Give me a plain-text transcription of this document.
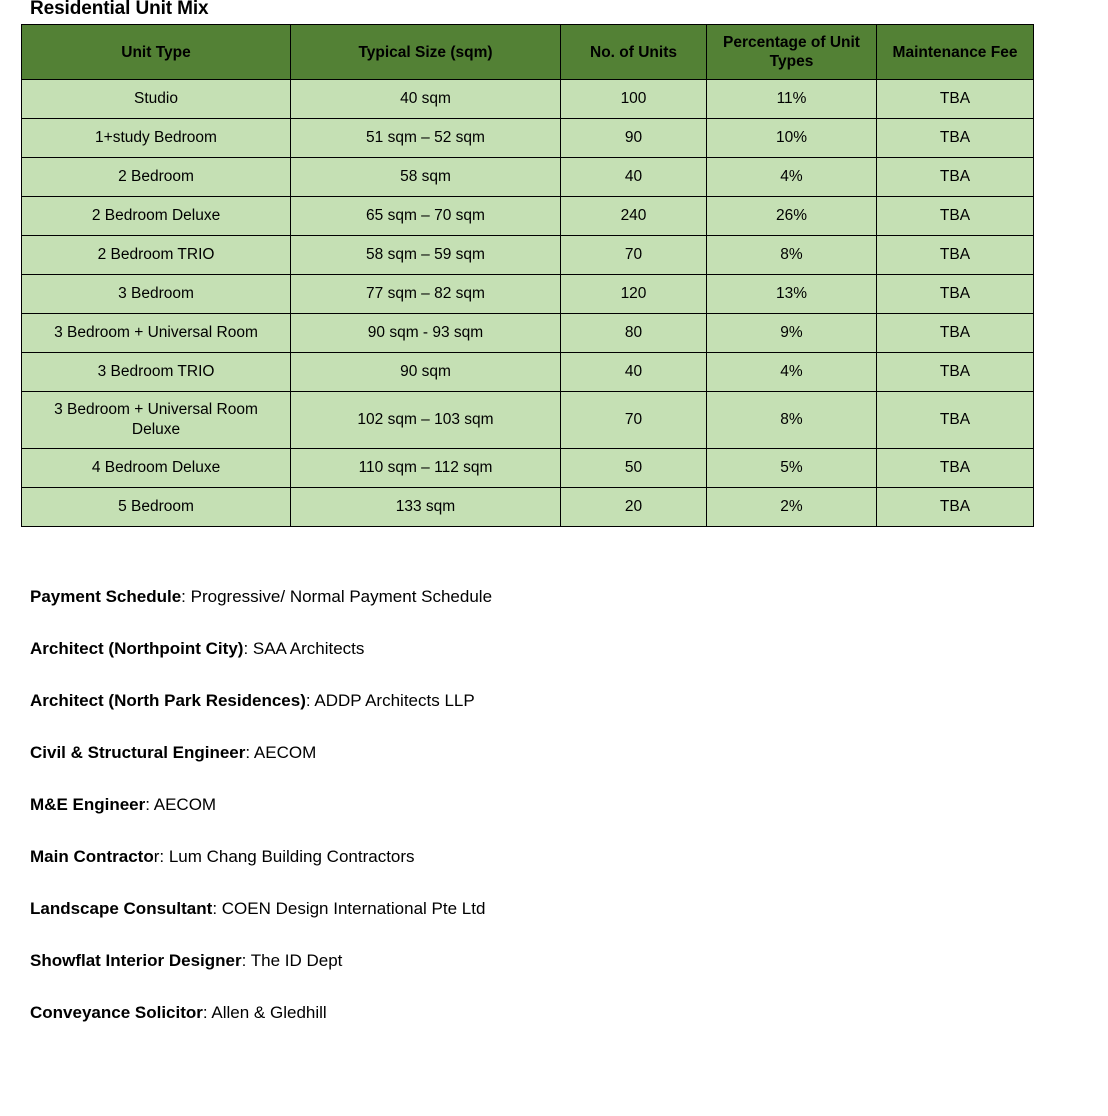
Residential Unit Mix
Unit Type	Typical Size (sqm)	No. of Units	Percentage of Unit Types	Maintenance Fee
Studio	40 sqm	100	11%	TBA
1+study Bedroom	51 sqm – 52 sqm	90	10%	TBA
2 Bedroom	58 sqm	40	4%	TBA
2 Bedroom Deluxe	65 sqm – 70 sqm	240	26%	TBA
2 Bedroom TRIO	58 sqm – 59 sqm	70	8%	TBA
3 Bedroom	77 sqm – 82 sqm	120	13%	TBA
3 Bedroom + Universal Room	90 sqm - 93 sqm	80	9%	TBA
3 Bedroom TRIO	90 sqm	40	4%	TBA
3 Bedroom + Universal Room Deluxe	102 sqm – 103 sqm	70	8%	TBA
4 Bedroom Deluxe	110 sqm – 112 sqm	50	5%	TBA
5 Bedroom	133 sqm	20	2%	TBA

Payment Schedule: Progressive/ Normal Payment Schedule

Architect (Northpoint City): SAA Architects

Architect (North Park Residences): ADDP Architects LLP

Civil & Structural Engineer: AECOM

M&E Engineer: AECOM

Main Contractor: Lum Chang Building Contractors

Landscape Consultant: COEN Design International Pte Ltd

Showflat Interior Designer: The ID Dept

Conveyance Solicitor: Allen & Gledhill
